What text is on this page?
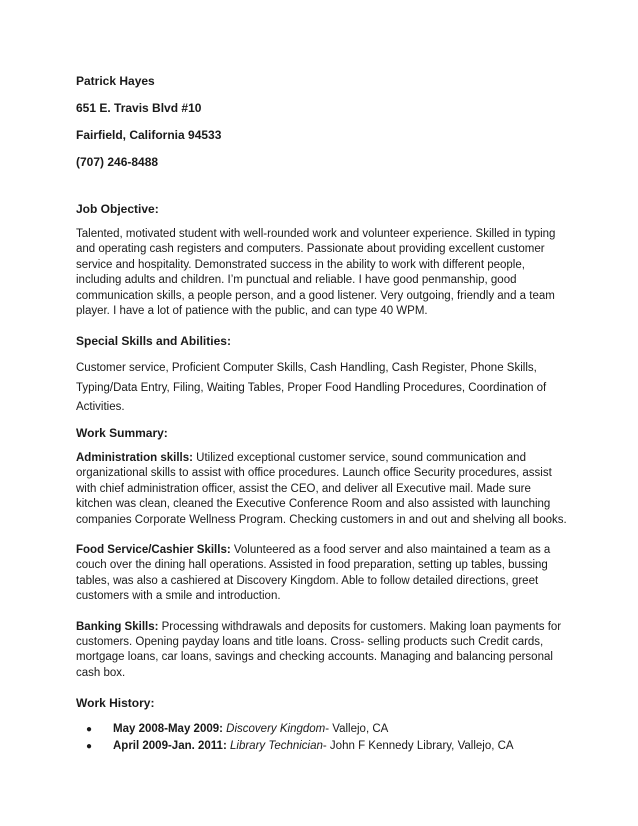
Patrick Hayes

651 E. Travis Blvd #10

Fairfield, California 94533

(707) 246-8488

Job Objective:

Talented, motivated student with well-rounded work and volunteer experience. Skilled in typing and operating cash registers and computers. Passionate about providing excellent customer service and hospitality. Demonstrated success in the ability to work with different people, including adults and children. I’m punctual and reliable. I have good penmanship, good communication skills, a people person, and a good listener. Very outgoing, friendly and a team player. I have a lot of patience with the public, and can type 40 WPM.

Special Skills and Abilities:

Customer service, Proficient Computer Skills, Cash Handling, Cash Register, Phone Skills, Typing/Data Entry, Filing, Waiting Tables, Proper Food Handling Procedures, Coordination of Activities.

Work Summary:

Administration skills: Utilized exceptional customer service, sound communication and organizational skills to assist with office procedures. Launch office Security procedures, assist with chief administration officer, assist the CEO, and deliver all Executive mail. Made sure kitchen was clean, cleaned the Executive Conference Room and also assisted with launching companies Corporate Wellness Program. Checking customers in and out and shelving all books.

Food Service/Cashier Skills: Volunteered as a food server and also maintained a team as a couch over the dining hall operations. Assisted in food preparation, setting up tables, bussing tables, was also a cashiered at Discovery Kingdom. Able to follow detailed directions, greet customers with a smile and introduction.

Banking Skills: Processing withdrawals and deposits for customers. Making loan payments for customers. Opening payday loans and title loans. Cross- selling products such Credit cards, mortgage loans, car loans, savings and checking accounts. Managing and balancing personal cash box.

Work History:

● May 2008-May 2009: Discovery Kingdom- Vallejo, CA
● April 2009-Jan. 2011: Library Technician- John F Kennedy Library, Vallejo, CA
